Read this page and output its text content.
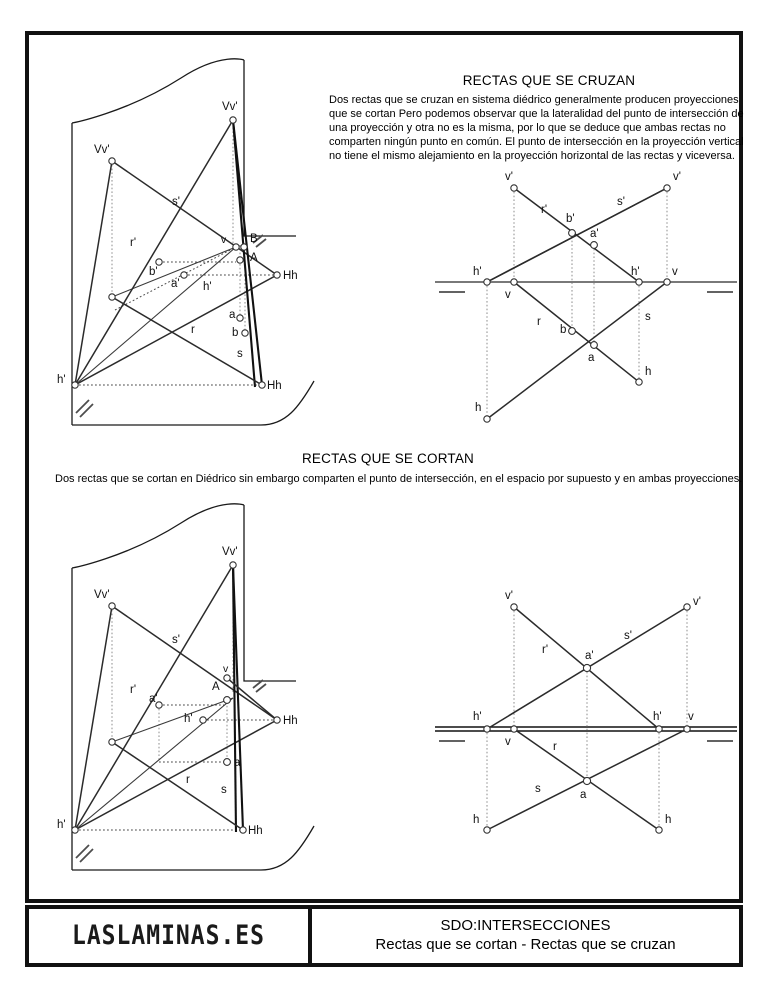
RECTAS QUE SE CRUZAN
Dos rectas que se cruzan en sistema diédrico generalmente producen proyecciones que se cortan Pero podemos observar que la lateralidad del punto de intersección de una proyección y otra no es la misma, por lo que se deduce que ambas rectas no comparten ningún punto en común. El punto de intersección en la proyección vertical no tiene el mismo alejamiento en la proyección horizontal de las rectas y viceversa.
Vv'
Vv'
s'
r'
b'
a' h'
h'
v B
A
Hh
Hh
a
b
s
r
v'	v'
r'
s'
b'
a'
h'	h'
v
v
r	s
b
a
h
h
RECTAS QUE SE CORTAN
Dos rectas que se cortan en Diédrico sin embargo comparten el punto de intersección, en el espacio por supuesto y en ambas proyecciones.
Vv'
Vv'
s'
r'
a'
h'
h'
v
A
Hh
Hh
a
s
r
v'	v'
r'
s'
a'
h'	h'
v
v
r
s	a
h	h
LASLAMINAS.ES	SDO:INTERSECCIONES
Rectas que se cortan - Rectas que se cruzan
